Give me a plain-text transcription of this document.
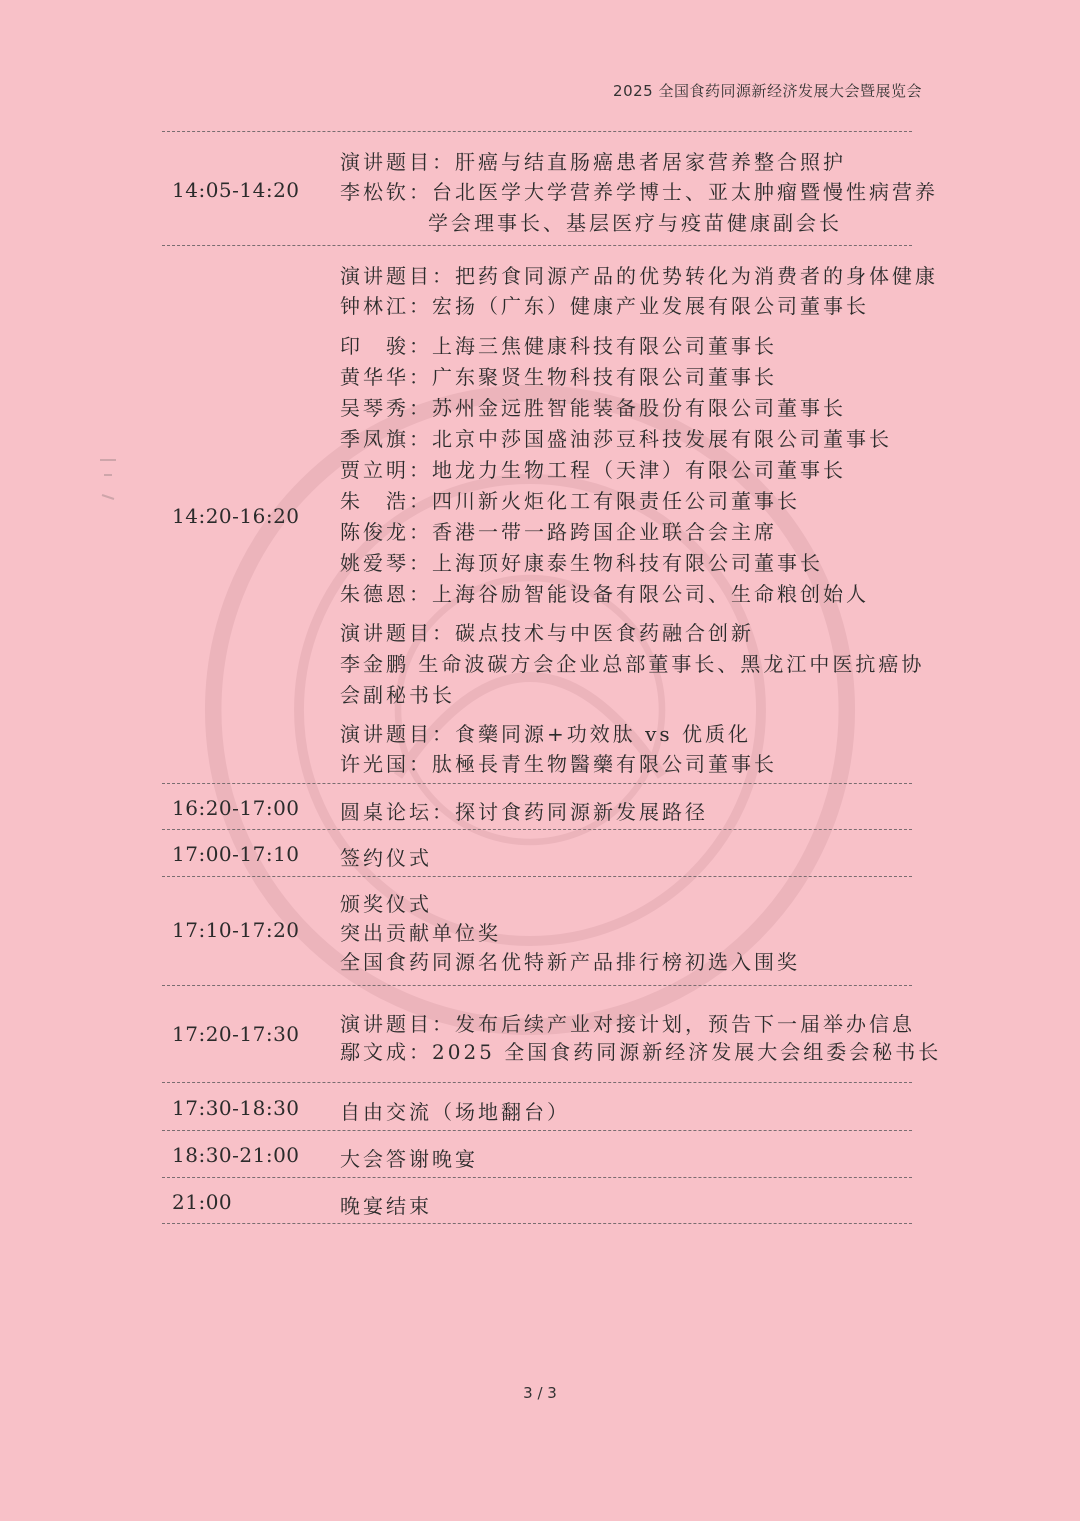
2025 全国食药同源新经济发展大会暨展览会
14:05-14:20
演讲题目：肝癌与结直肠癌患者居家营养整合照护
李松钦：台北医学大学营养学博士、亚太肿瘤暨慢性病营养
学会理事长、基层医疗与疫苗健康副会长
14:20-16:20
演讲题目：把药食同源产品的优势转化为消费者的身体健康
钟林江：宏扬（广东）健康产业发展有限公司董事长
印　骏：上海三焦健康科技有限公司董事长
黄华华：广东聚贤生物科技有限公司董事长
吴琴秀：苏州金远胜智能装备股份有限公司董事长
季凤旗：北京中莎国盛油莎豆科技发展有限公司董事长
贾立明：地龙力生物工程（天津）有限公司董事长
朱　浩：四川新火炬化工有限责任公司董事长
陈俊龙：香港一带一路跨国企业联合会主席
姚爱琴：上海顶好康泰生物科技有限公司董事长
朱德恩：上海谷励智能设备有限公司、生命粮创始人
演讲题目：碳点技术与中医食药融合创新
李金鹏 生命波碳方会企业总部董事长、黑龙江中医抗癌协
会副秘书长
演讲题目：食藥同源+功效肽 vs 优质化
许光国：肽極長青生物醫藥有限公司董事长
16:20-17:00 圆桌论坛：探讨食药同源新发展路径
17:00-17:10 签约仪式
17:10-17:20
颁奖仪式
突出贡献单位奖
全国食药同源名优特新产品排行榜初选入围奖
17:20-17:30 演讲题目：发布后续产业对接计划，预告下一届举办信息
鄢文成：2025 全国食药同源新经济发展大会组委会秘书长
17:30-18:30 自由交流（场地翻台）
18:30-21:00 大会答谢晚宴
21:00	晚宴结束
3 / 3
